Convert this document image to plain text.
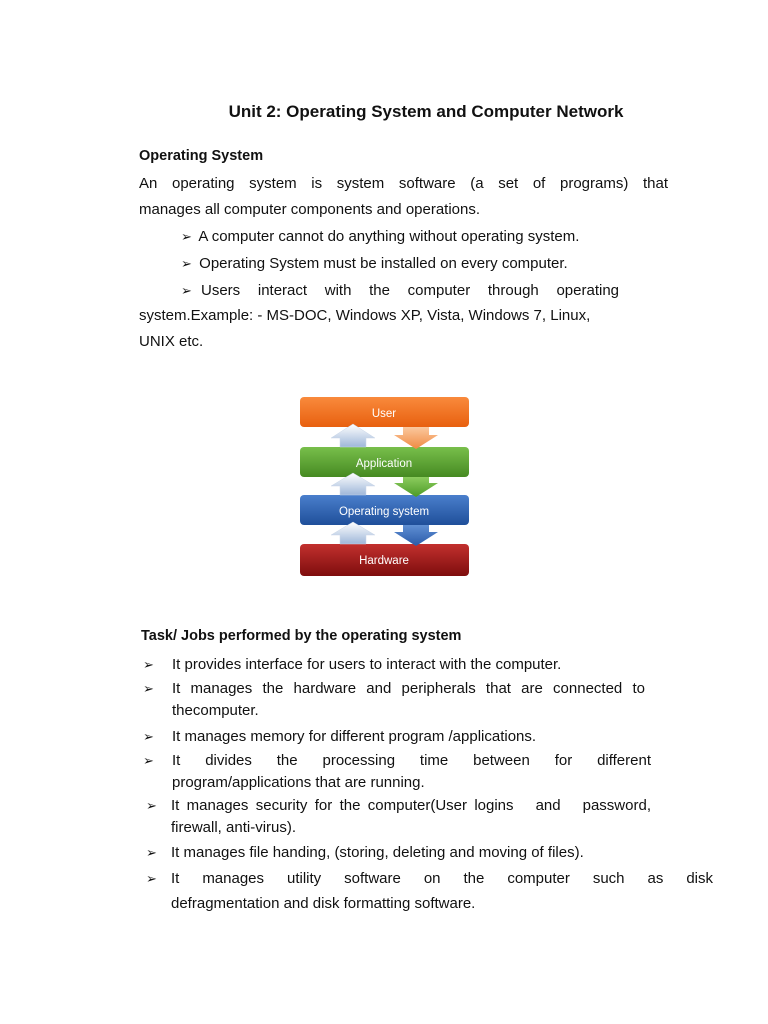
Unit 2: Operating System and Computer Network
Operating System
An operating system is system software (a set of programs) that
manages all computer components and operations.
➢ A computer cannot do anything without operating system.
➢ Operating System must be installed on every computer.
➢ Users interact with the computer through operating
system.Example: - MS-DOC, Windows XP, Vista, Windows 7, Linux,
UNIX etc.
User
Application
Operating system
Hardware
Task/ Jobs performed by the operating system
➢ It provides interface for users to interact with the computer.
➢ It manages the hardware and peripherals that are connected to
thecomputer.
➢ It manages memory for different program /applications.
➢ It divides the processing time between for different
program/applications that are running.
➢ It manages security for the computer(User logins   and   password,
firewall, anti-virus).
➢ It manages file handing, (storing, deleting and moving of files).
➢ It manages utility software on the computer such as disk
defragmentation and disk formatting software.
